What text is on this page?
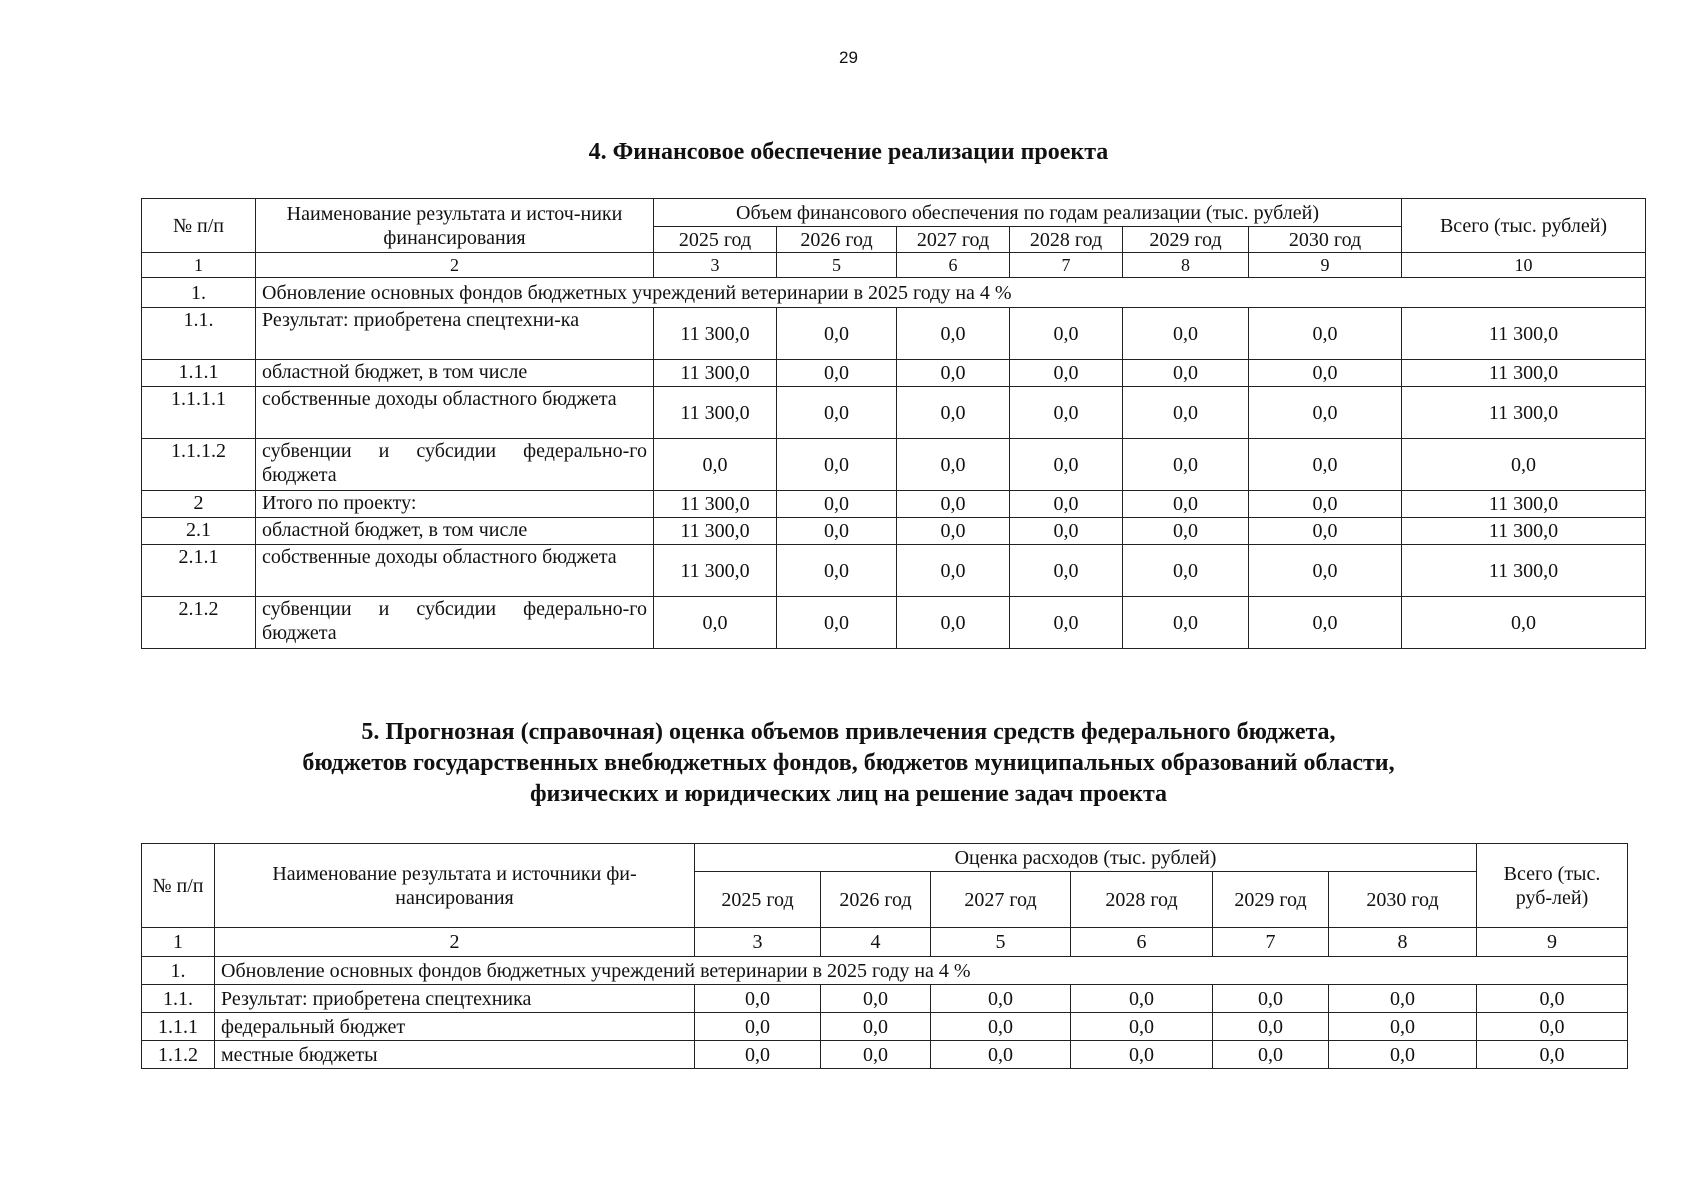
29
4. Финансовое обеспечение реализации проекта
№ п/п	Наименование результата и источ-ники финансирования	Объем финансового обеспечения по годам реализации (тыс. рублей)						Всего (тыс. рублей)
		2025 год	2026 год	2027 год	2028 год	2029 год	2030 год	
1	2	3	5	6	7	8	9	10
1.	Обновление основных фондов бюджетных учреждений ветеринарии в 2025 году на 4 %							
1.1.	Результат: приобретена спецтехни-ка	11 300,0	0,0	0,0	0,0	0,0	0,0	11 300,0
1.1.1	областной бюджет, в том числе	11 300,0	0,0	0,0	0,0	0,0	0,0	11 300,0
1.1.1.1	собственные доходы областного бюджета	11 300,0	0,0	0,0	0,0	0,0	0,0	11 300,0
1.1.1.2	субвенции и субсидии федерально-го бюджета	0,0	0,0	0,0	0,0	0,0	0,0	0,0
2	Итого по проекту:	11 300,0	0,0	0,0	0,0	0,0	0,0	11 300,0
2.1	областной бюджет, в том числе	11 300,0	0,0	0,0	0,0	0,0	0,0	11 300,0
2.1.1	собственные доходы областного бюджета	11 300,0	0,0	0,0	0,0	0,0	0,0	11 300,0
2.1.2	субвенции и субсидии федерально-го бюджета	0,0	0,0	0,0	0,0	0,0	0,0	0,0
5. Прогнозная (справочная) оценка объемов привлечения средств федерального бюджета,
бюджетов государственных внебюджетных фондов, бюджетов муниципальных образований области,
физических и юридических лиц на решение задач проекта
№ п/п	Наименование результата и источники фи-нансирования	Оценка расходов (тыс. рублей)						Всего (тыс. руб-лей)
		2025 год	2026 год	2027 год	2028 год	2029 год	2030 год	
1	2	3	4	5	6	7	8	9
1.	Обновление основных фондов бюджетных учреждений ветеринарии в 2025 году на 4 %							
1.1.	Результат: приобретена спецтехника	0,0	0,0	0,0	0,0	0,0	0,0	0,0
1.1.1	федеральный бюджет	0,0	0,0	0,0	0,0	0,0	0,0	0,0
1.1.2	местные бюджеты	0,0	0,0	0,0	0,0	0,0	0,0	0,0
